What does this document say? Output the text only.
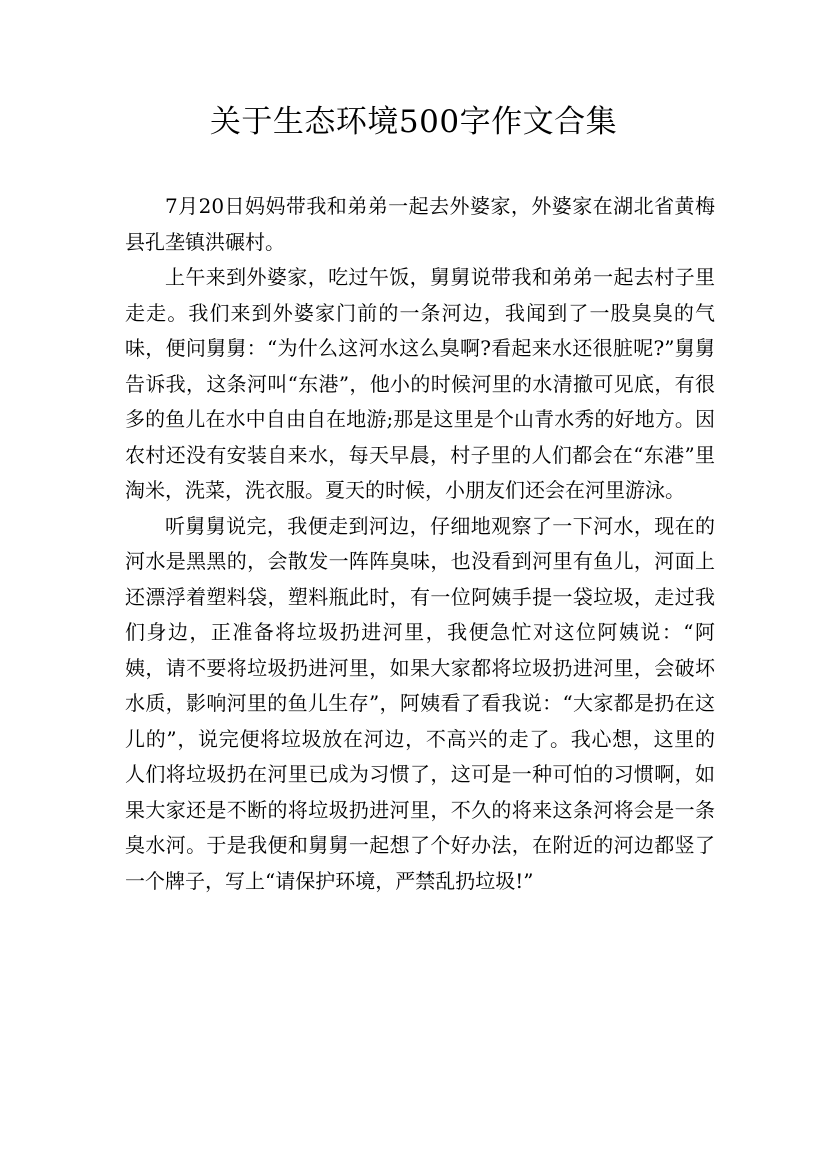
关于生态环境500字作文合集

7月20日妈妈带我和弟弟一起去外婆家，外婆家在湖北省黄梅县孔垄镇洪碾村。

上午来到外婆家，吃过午饭，舅舅说带我和弟弟一起去村子里走走。我们来到外婆家门前的一条河边，我闻到了一股臭臭的气味，便问舅舅：“为什么这河水这么臭啊?看起来水还很脏呢?”舅舅告诉我，这条河叫“东港”，他小的时候河里的水清撤可见底，有很多的鱼儿在水中自由自在地游;那是这里是个山青水秀的好地方。因农村还没有安装自来水，每天早晨，村子里的人们都会在“东港”里淘米，洗菜，洗衣服。夏天的时候，小朋友们还会在河里游泳。

听舅舅说完，我便走到河边，仔细地观察了一下河水，现在的河水是黑黑的，会散发一阵阵臭味，也没看到河里有鱼儿，河面上还漂浮着塑料袋，塑料瓶此时，有一位阿姨手提一袋垃圾，走过我们身边，正准备将垃圾扔进河里，我便急忙对这位阿姨说：“阿姨，请不要将垃圾扔进河里，如果大家都将垃圾扔进河里，会破坏水质，影响河里的鱼儿生存”，阿姨看了看我说：“大家都是扔在这儿的”，说完便将垃圾放在河边，不高兴的走了。我心想，这里的人们将垃圾扔在河里已成为习惯了，这可是一种可怕的习惯啊，如果大家还是不断的将垃圾扔进河里，不久的将来这条河将会是一条臭水河。于是我便和舅舅一起想了个好办法，在附近的河边都竖了一个牌子，写上“请保护环境，严禁乱扔垃圾!”
